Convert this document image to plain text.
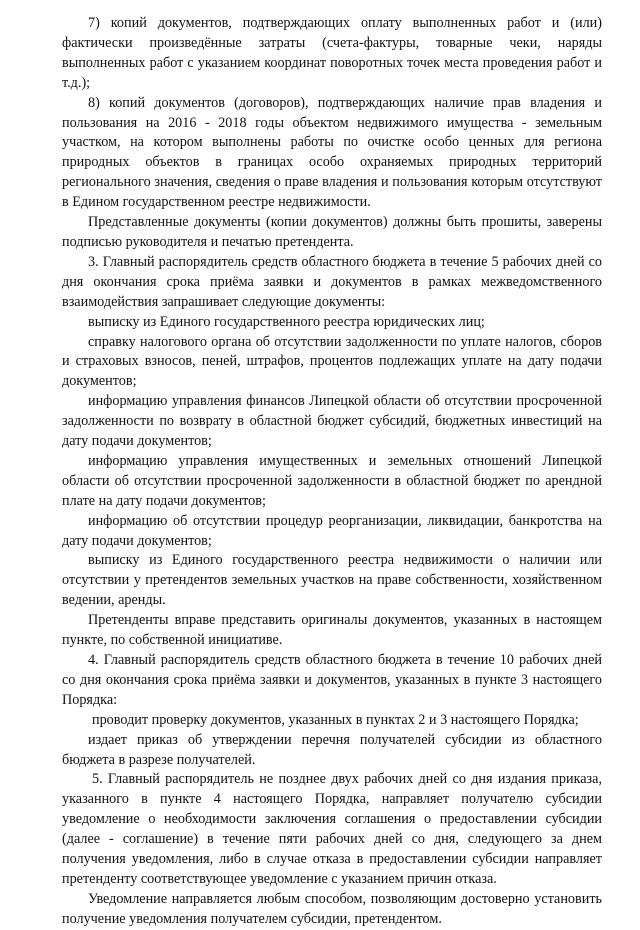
7) копий документов, подтверждающих оплату выполненных работ и (или) фактически произведённые затраты (счета-фактуры, товарные чеки, наряды выполненных работ с указанием координат поворотных точек места проведения работ и т.д.);

8) копий документов (договоров), подтверждающих наличие прав владения и пользования на 2016 - 2018 годы объектом недвижимого имущества - земельным участком, на котором выполнены работы по очистке особо ценных для региона природных объектов в границах особо охраняемых природных территорий регионального значения, сведения о праве владения и пользования которым отсутствуют в Едином государственном реестре недвижимости.

Представленные документы (копии документов) должны быть прошиты, заверены подписью руководителя и печатью претендента.

3. Главный распорядитель средств областного бюджета в течение 5 рабочих дней со дня окончания срока приёма заявки и документов в рамках межведомственного взаимодействия запрашивает следующие документы:

выписку из Единого государственного реестра юридических лиц;

справку налогового органа об отсутствии задолженности по уплате налогов, сборов и страховых взносов, пеней, штрафов, процентов подлежащих уплате на дату подачи документов;

информацию управления финансов Липецкой области об отсутствии просроченной задолженности по возврату в областной бюджет субсидий, бюджетных инвестиций на дату подачи документов;

информацию управления имущественных и земельных отношений Липецкой области об отсутствии просроченной задолженности в областной бюджет по арендной плате на дату подачи документов;

информацию об отсутствии процедур реорганизации, ликвидации, банкротства на дату подачи документов;

выписку из Единого государственного реестра недвижимости о наличии или отсутствии у претендентов земельных участков на праве собственности, хозяйственном ведении, аренды.

Претенденты вправе представить оригиналы документов, указанных в настоящем пункте, по собственной инициативе.

4. Главный распорядитель средств областного бюджета в течение 10 рабочих дней со дня окончания срока приёма заявки и документов, указанных в пункте 3 настоящего Порядка:

проводит проверку документов, указанных в пунктах 2 и 3 настоящего Порядка;

издает приказ об утверждении перечня получателей субсидии из областного бюджета в разрезе получателей.

5. Главный распорядитель не позднее двух рабочих дней со дня издания приказа, указанного в пункте 4 настоящего Порядка, направляет получателю субсидии уведомление о необходимости заключения соглашения о предоставлении субсидии (далее - соглашение) в течение пяти рабочих дней со дня, следующего за днем получения уведомления, либо в случае отказа в предоставлении субсидии направляет претенденту соответствующее уведомление с указанием причин отказа.

Уведомление направляется любым способом, позволяющим достоверно установить получение уведомления получателем субсидии, претендентом.
